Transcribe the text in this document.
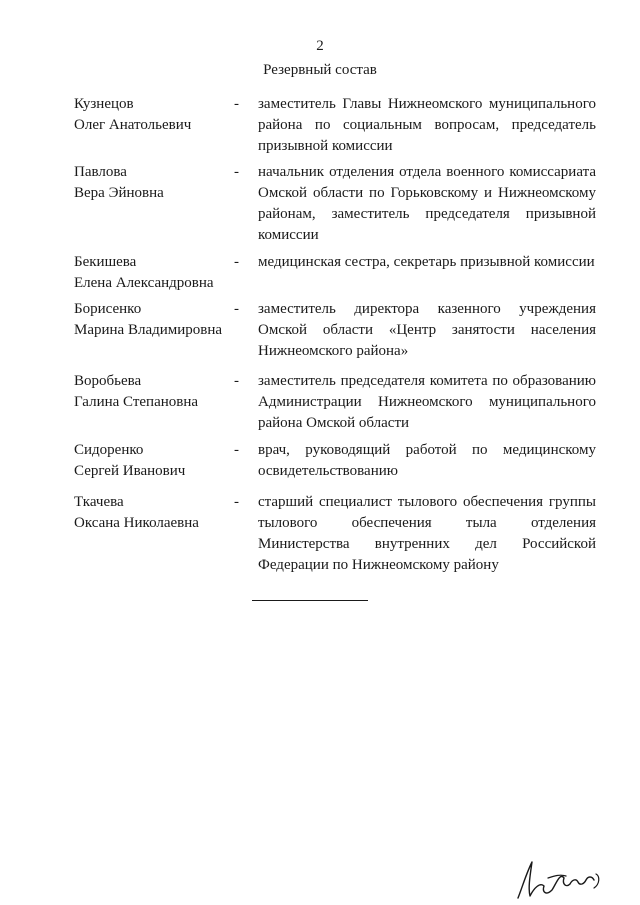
2
Резервный состав
Кузнецов
Олег Анатольевич
- заместитель Главы Нижнеомского муниципального района по социальным вопросам, председатель призывной комиссии
Павлова
Вера Эйновна
- начальник отделения отдела военного комиссариата Омской области по Горьковскому и Нижнеомскому районам, заместитель председателя призывной комиссии
Бекишева
Елена Александровна
- медицинская сестра, секретарь призывной комиссии
Борисенко
Марина Владимировна
- заместитель директора казенного учреждения Омской области «Центр занятости населения Нижнеомского района»
Воробьева
Галина Степановна
- заместитель председателя комитета по образованию Администрации Нижнеомского муниципального района Омской области
Сидоренко
Сергей Иванович
- врач, руководящий работой по медицинскому освидетельствованию
Ткачева
Оксана Николаевна
- старший специалист тылового обеспечения группы тылового обеспечения тыла отделения Министерства внутренних дел Российской Федерации по Нижнеомскому району
